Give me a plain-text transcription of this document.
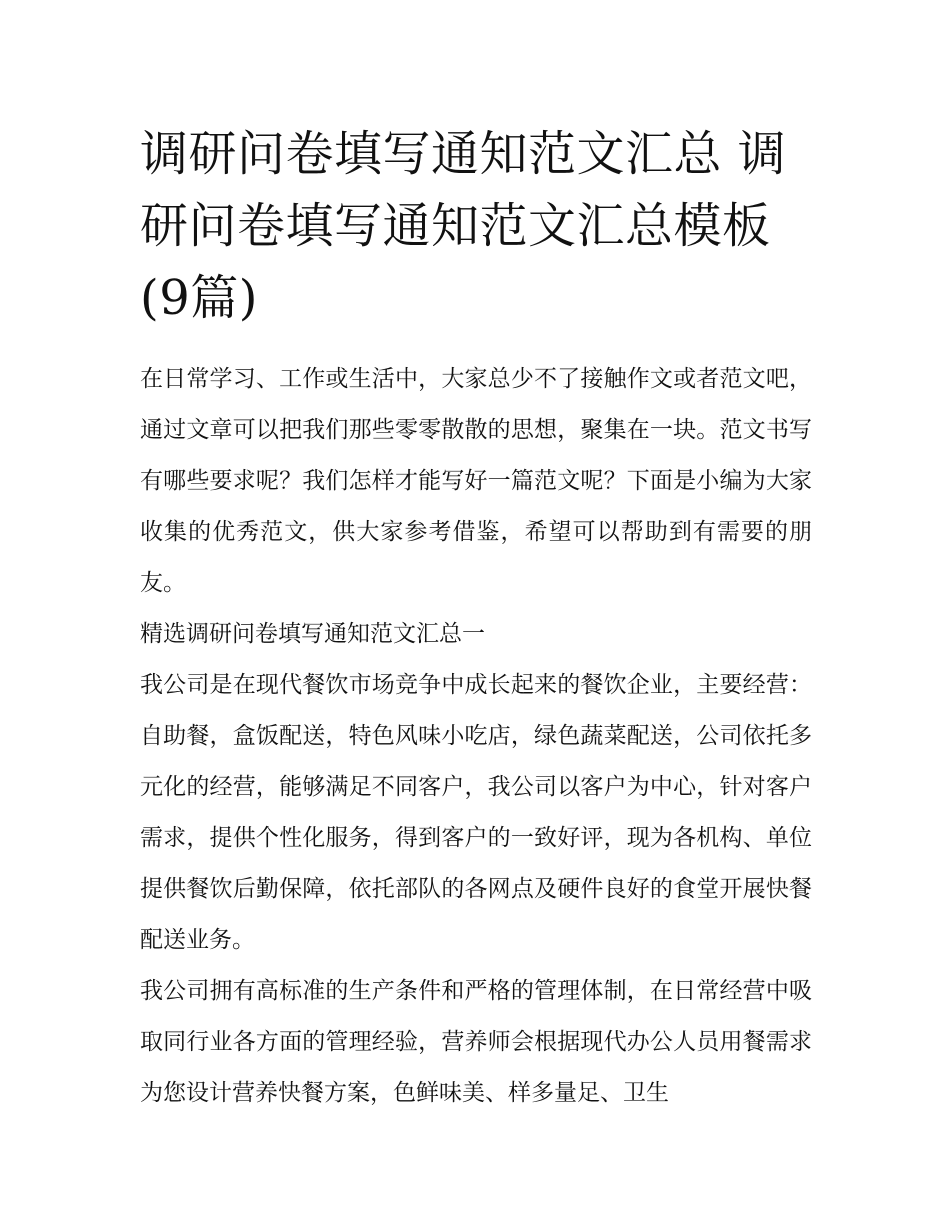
调研问卷填写通知范文汇总 调研问卷填写通知范文汇总模板(9篇)

在日常学习、工作或生活中，大家总少不了接触作文或者范文吧，通过文章可以把我们那些零零散散的思想，聚集在一块。范文书写有哪些要求呢？我们怎样才能写好一篇范文呢？下面是小编为大家收集的优秀范文，供大家参考借鉴，希望可以帮助到有需要的朋友。

精选调研问卷填写通知范文汇总一

我公司是在现代餐饮市场竞争中成长起来的餐饮企业，主要经营：自助餐，盒饭配送，特色风味小吃店，绿色蔬菜配送，公司依托多元化的经营，能够满足不同客户，我公司以客户为中心，针对客户需求，提供个性化服务，得到客户的一致好评，现为各机构、单位提供餐饮后勤保障，依托部队的各网点及硬件良好的食堂开展快餐配送业务。

我公司拥有高标准的生产条件和严格的管理体制，在日常经营中吸取同行业各方面的管理经验，营养师会根据现代办公人员用餐需求为您设计营养快餐方案，色鲜味美、样多量足、卫生
